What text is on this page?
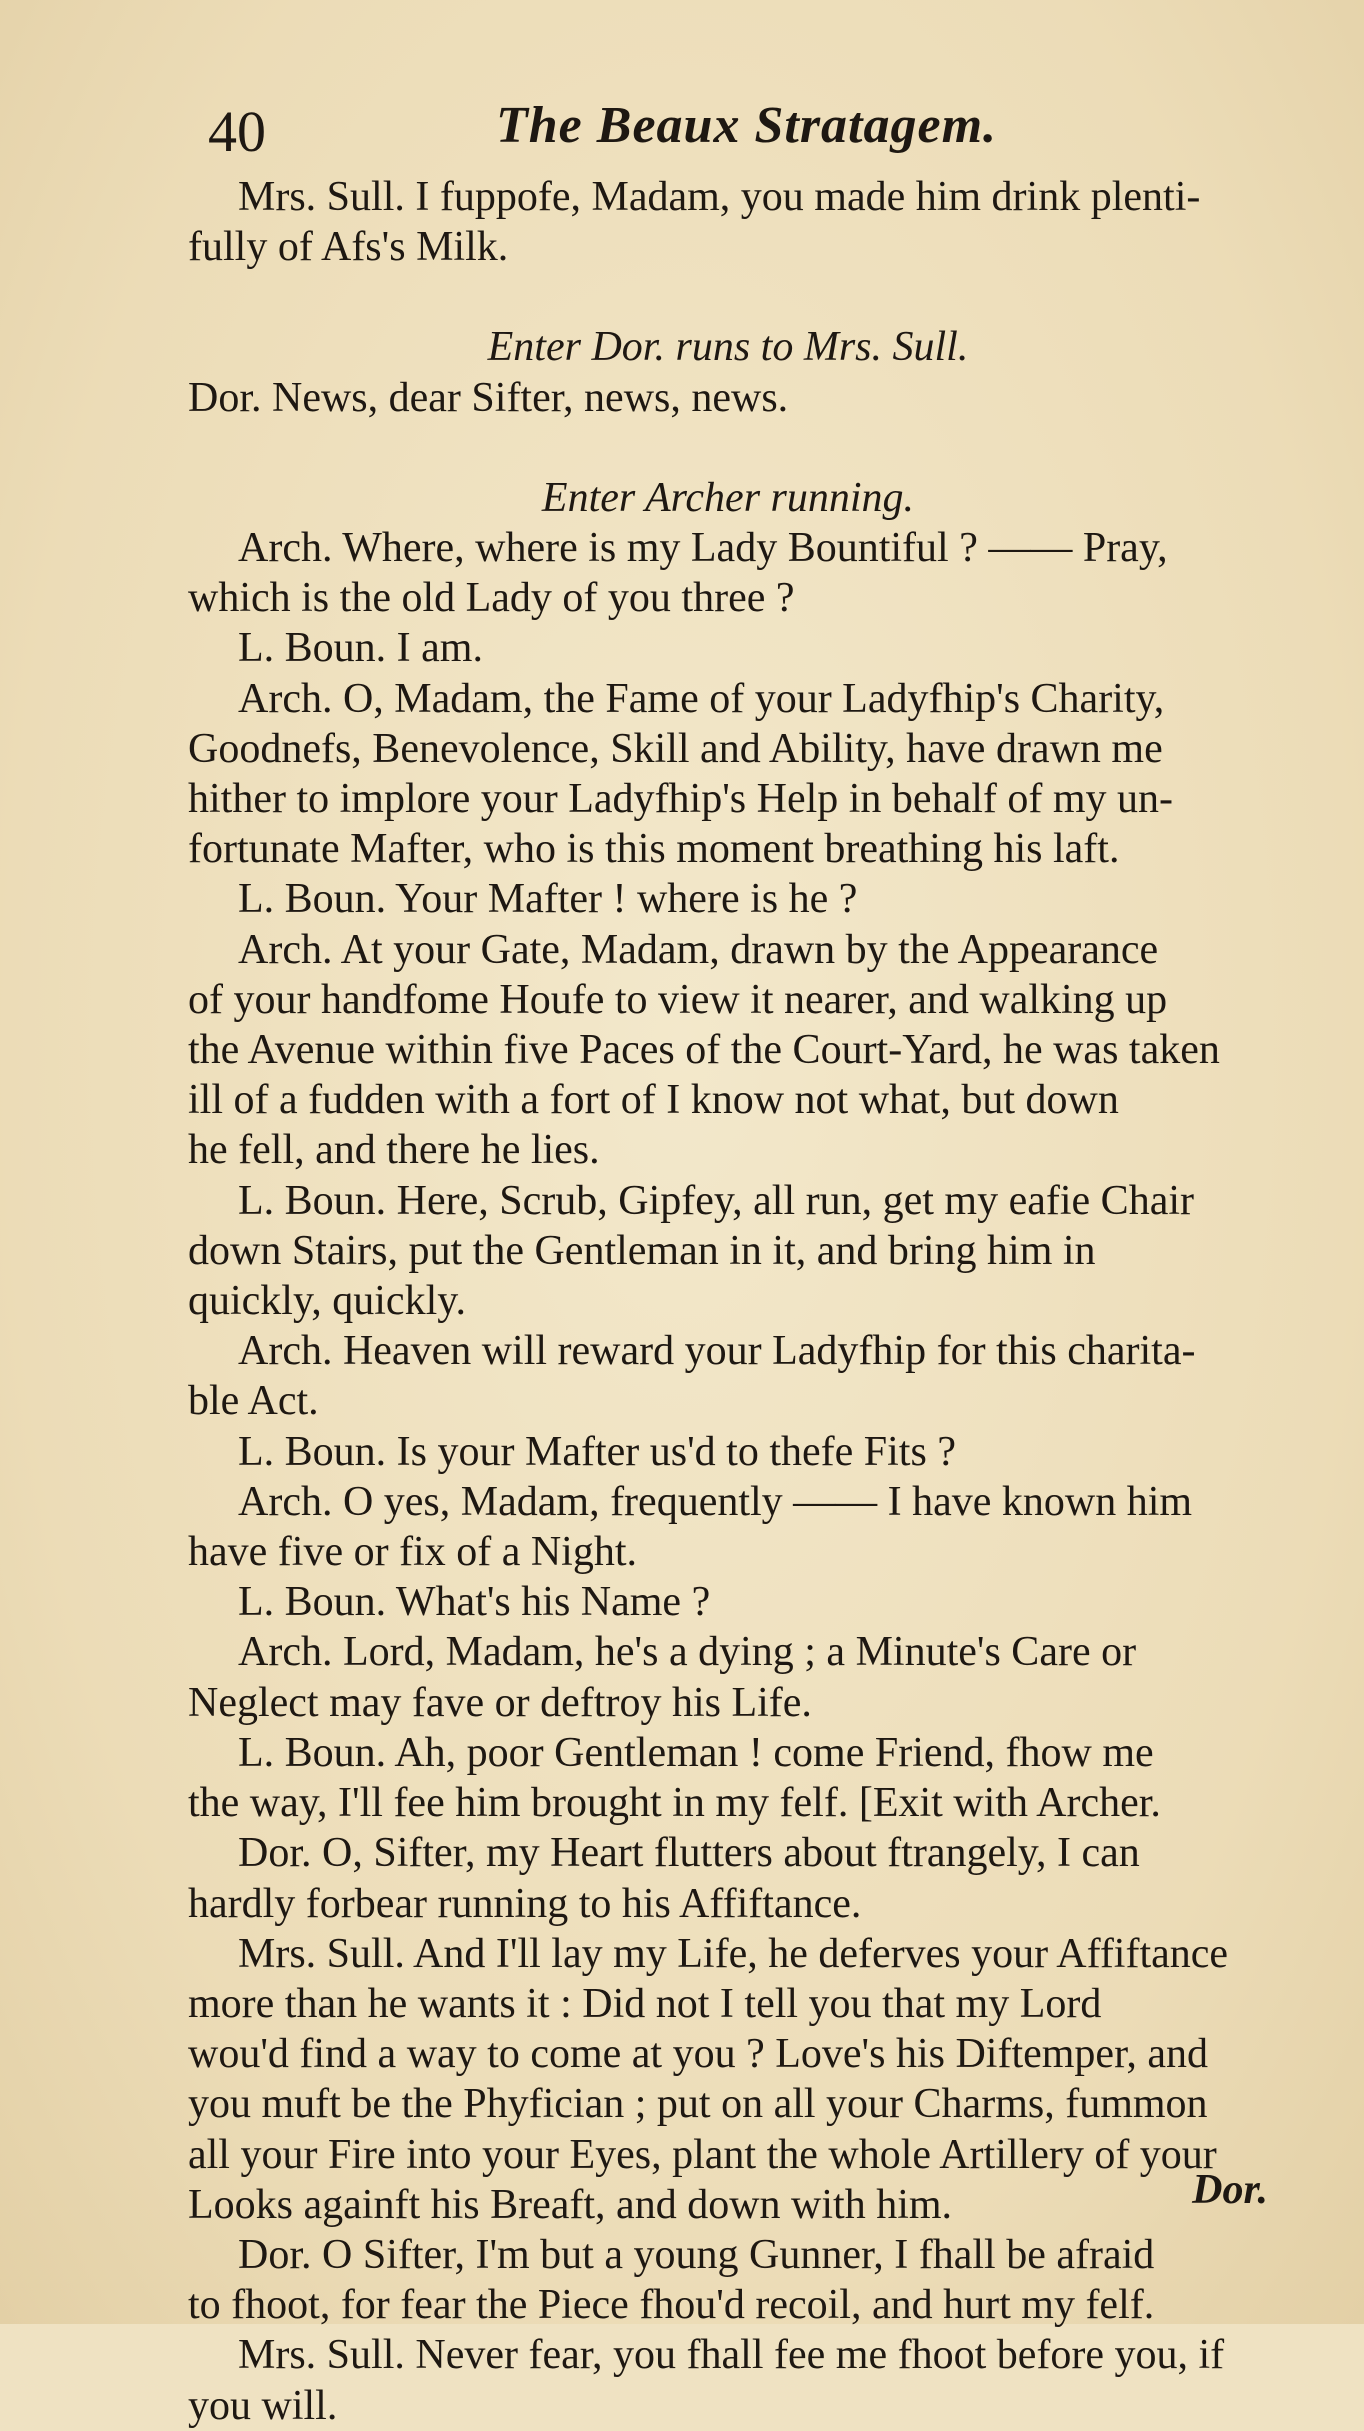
40	The Beaux Stratagem.
Mrs. Sull. I fuppofe, Madam, you made him drink plenti-
fully of Afs's Milk.
Enter Dor. runs to Mrs. Sull.
Dor. News, dear Sifter, news, news.
Enter Archer running.
Arch. Where, where is my Lady Bountiful ? —— Pray,
which is the old Lady of you three ?
L. Boun. I am.
Arch. O, Madam, the Fame of your Ladyfhip's Charity,
Goodnefs, Benevolence, Skill and Ability, have drawn me
hither to implore your Ladyfhip's Help in behalf of my un-
fortunate Mafter, who is this moment breathing his laft.
L. Boun. Your Mafter ! where is he ?
Arch. At your Gate, Madam, drawn by the Appearance
of your handfome Houfe to view it nearer, and walking up
the Avenue within five Paces of the Court-Yard, he was taken
ill of a fudden with a fort of I know not what, but down
he fell, and there he lies.
L. Boun. Here, Scrub, Gipfey, all run, get my eafie Chair
down Stairs, put the Gentleman in it, and bring him in
quickly, quickly.
Arch. Heaven will reward your Ladyfhip for this charita-
ble Act.
L. Boun. Is your Mafter us'd to thefe Fits ?
Arch. O yes, Madam, frequently —— I have known him
have five or fix of a Night.
L. Boun. What's his Name ?
Arch. Lord, Madam, he's a dying ; a Minute's Care or
Neglect may fave or deftroy his Life.
L. Boun. Ah, poor Gentleman ! come Friend, fhow me
the way, I'll fee him brought in my felf. [Exit with Archer.
Dor. O, Sifter, my Heart flutters about ftrangely, I can
hardly forbear running to his Affiftance.
Mrs. Sull. And I'll lay my Life, he deferves your Affiftance
more than he wants it : Did not I tell you that my Lord
wou'd find a way to come at you ? Love's his Diftemper, and
you muft be the Phyfician ; put on all your Charms, fummon
all your Fire into your Eyes, plant the whole Artillery of your
Looks againft his Breaft, and down with him.
Dor. O Sifter, I'm but a young Gunner, I fhall be afraid
to fhoot, for fear the Piece fhou'd recoil, and hurt my felf.
Mrs. Sull. Never fear, you fhall fee me fhoot before you, if
you will.
Dor.
